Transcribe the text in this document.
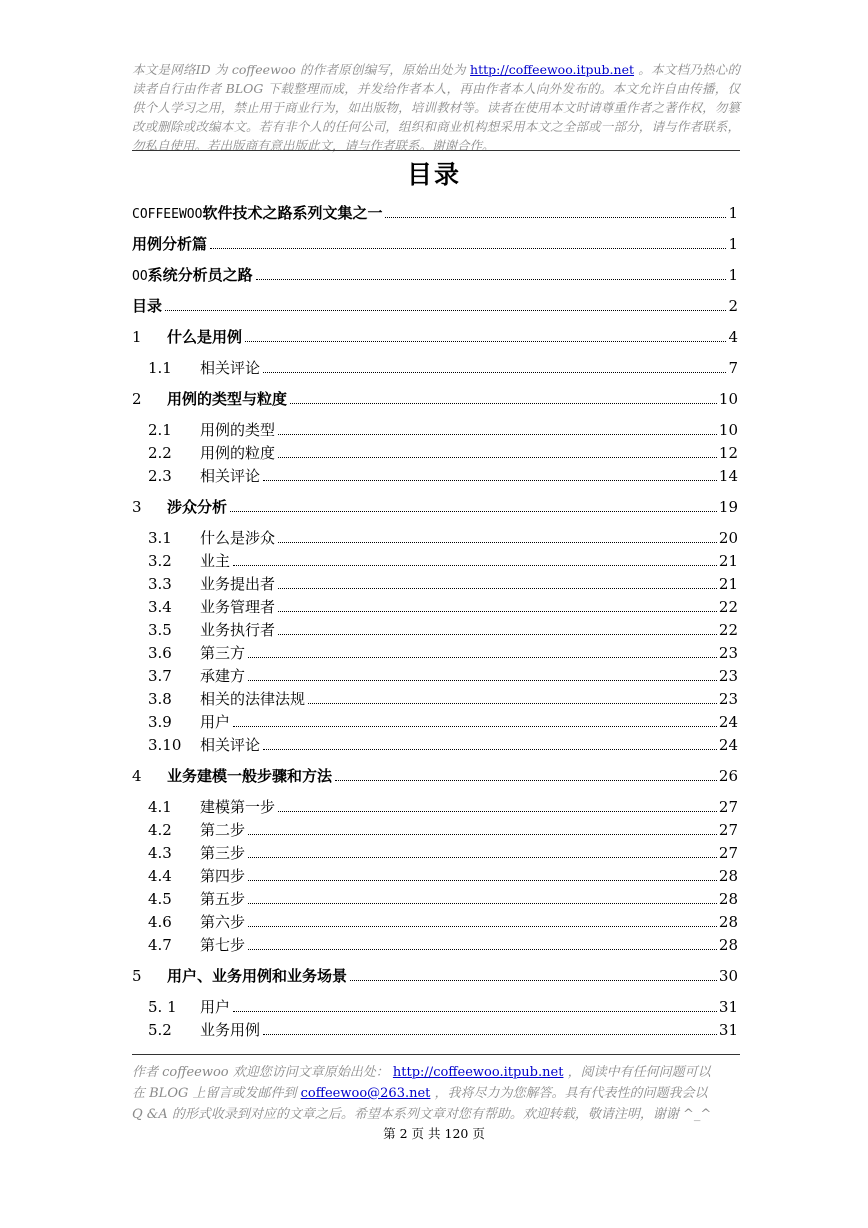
本文是网络ID 为 coffeewoo 的作者原创编写，原始出处为 http://coffeewoo.itpub.net 。本文档乃热心的读者自行由作者 BLOG 下载整理而成，并发给作者本人，再由作者本人向外发布的。本文允许自由传播，仅供个人学习之用，禁止用于商业行为，如出版物，培训教材等。读者在使用本文时请尊重作者之著作权，勿篡改或删除或改编本文。若有非个人的任何公司，组织和商业机构想采用本文之全部或一部分，请与作者联系，勿私自使用。若出版商有意出版此文，请与作者联系。谢谢合作。
目录
COFFEEWOO软件技术之路系列文集之一	1
用例分析篇	1
OO系统分析员之路	1
目录	2
1	什么是用例	4
1.1	相关评论	7
2	用例的类型与粒度	10
2.1	用例的类型	10
2.2	用例的粒度	12
2.3	相关评论	14
3	涉众分析	19
3.1	什么是涉众	20
3.2	业主	21
3.3	业务提出者	21
3.4	业务管理者	22
3.5	业务执行者	22
3.6	第三方	23
3.7	承建方	23
3.8	相关的法律法规	23
3.9	用户	24
3.10	相关评论	24
4	业务建模一般步骤和方法	26
4.1	建模第一步	27
4.2	第二步	27
4.3	第三步	27
4.4	第四步	28
4.5	第五步	28
4.6	第六步	28
4.7	第七步	28
5	用户、业务用例和业务场景	30
5. 1	用户	31
5.2	业务用例	31
作者 coffeewoo 欢迎您访问文章原始出处： http://coffeewoo.itpub.net ，阅读中有任何问题可以在 BLOG 上留言或发邮件到 coffeewoo@263.net ，我将尽力为您解答。具有代表性的问题我会以 Q &A 的形式收录到对应的文章之后。希望本系列文章对您有帮助。欢迎转载，敬请注明，谢谢 ^_^
第 2 页 共 120 页
